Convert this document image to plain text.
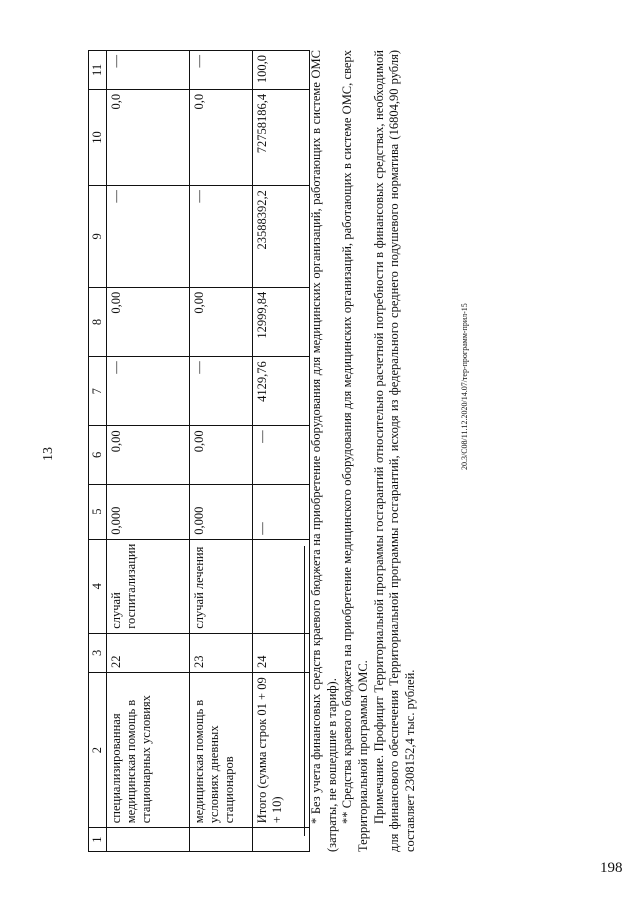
13	20.3/С08/11.12.2020/14.07/тер-программ-прил-15
198
1	2	3	4	5	6	7	8	9	10	11
	специализированная медицинская помощь в стационарных условиях	22	случай госпитализации	0,000	0,00	—	0,00	—	0,0	—
	медицинская помощь в условиях дневных стационаров	23	случай лечения	0,000	0,00	—	0,00	—	0,0	—
	Итого (сумма строк 01 + 09 + 10)	24		—	—	4129,76	12999,84	23588392,2	72758186,4	100,0	* Без учета финансовых средств краевого бюджета на приобретение оборудования для медицинских организаций, работающих в системе ОМС (затраты, не вошедшие в тариф). ** Средства краевого бюджета на приобретение медицинского оборудования для медицинских организаций, работающих в системе ОМС, сверх Территориальной программы ОМС. Примечание. Профицит Территориальной программы госгарантий относительно расчетной потребности в финансовых средствах, необходимой для финансового обеспечения Территориальной программы госгарантий, исходя из федерального среднего подушевого норматива (16804,90 рубля) составляет 2308152,4 тыс. рублей.
